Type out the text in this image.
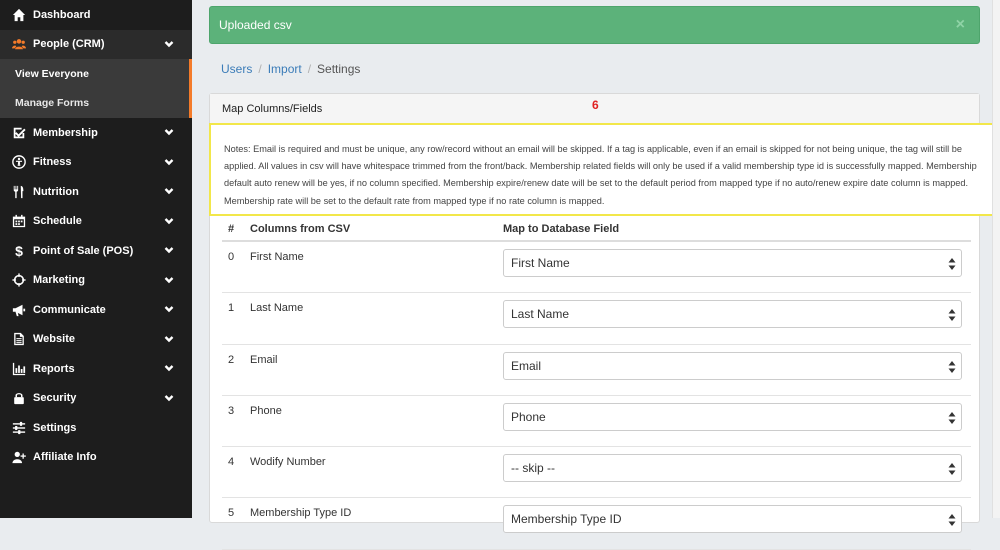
Dashboard
People (CRM)
View Everyone
Manage Forms
Membership
Fitness
Nutrition
Schedule
$ Point of Sale (POS)
Marketing
Communicate
Website
Reports
Security
Settings
Affiliate Info
Uploaded csv	×
Users / Import / Settings
Map Columns/Fields	6
Notes: Email is required and must be unique, any row/record without an email will be skipped. If a tag is applicable, even if an email is skipped for not being unique, the tag will still be applied. All values in csv will have whitespace trimmed from the front/back. Membership related fields will only be used if a valid membership type id is successfully mapped. Membership default auto renew will be yes, if no column specified. Membership expire/renew date will be set to the default period from mapped type if no auto/renew expire date column is mapped. Membership rate will be set to the default rate from mapped type if no rate column is mapped.
#	Columns from CSV	Map to Database Field
0	First Name	First Name
1	Last Name	Last Name
2	Email	Email
3	Phone	Phone
4	Wodify Number	-- skip --
5	Membership Type ID	Membership Type ID
